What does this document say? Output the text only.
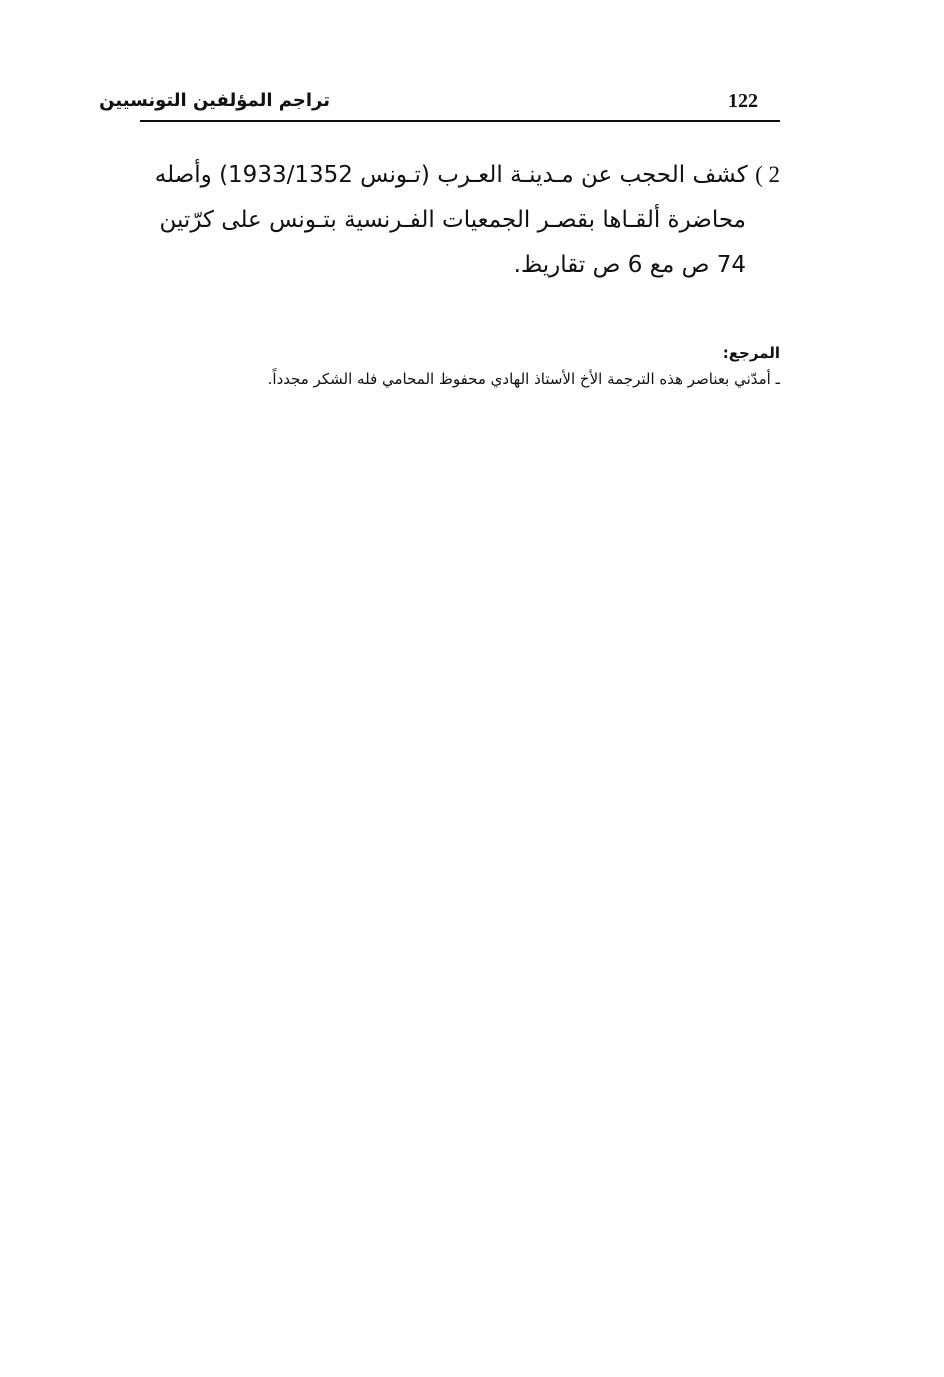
تراجم المؤلفين التونسيين	122
2 ) كشف الحجب عن مـدينـة العـرب (تـونس 1933/1352) وأصله
محاضرة ألقـاها بقصـر الجمعيات الفـرنسية بتـونس على كرّتين
74 ص مع 6 ص تقاريظ.
المرجع:
ـ أمدّني بعناصر هذه الترجمة الأخ الأستاذ الهادي محفوظ المحامي فله الشكر مجدداً.
